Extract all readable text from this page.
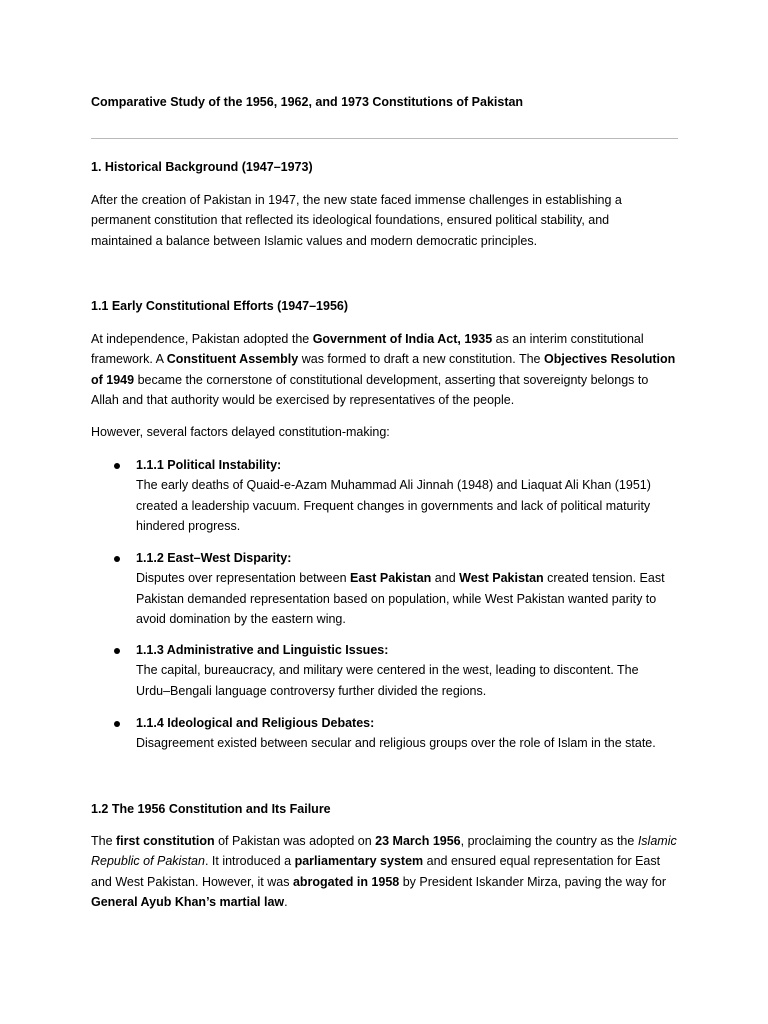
Comparative Study of the 1956, 1962, and 1973 Constitutions of Pakistan
1. Historical Background (1947–1973)
After the creation of Pakistan in 1947, the new state faced immense challenges in establishing a
permanent constitution that reflected its ideological foundations, ensured political stability, and
maintained a balance between Islamic values and modern democratic principles.
1.1 Early Constitutional Efforts (1947–1956)
At independence, Pakistan adopted the Government of India Act, 1935 as an interim constitutional
framework. A Constituent Assembly was formed to draft a new constitution. The Objectives Resolution
of 1949 became the cornerstone of constitutional development, asserting that sovereignty belongs to
Allah and that authority would be exercised by representatives of the people.
However, several factors delayed constitution-making:
1.1.1 Political Instability:
The early deaths of Quaid-e-Azam Muhammad Ali Jinnah (1948) and Liaquat Ali Khan (1951)
created a leadership vacuum. Frequent changes in governments and lack of political maturity
hindered progress.
1.1.2 East–West Disparity:
Disputes over representation between East Pakistan and West Pakistan created tension. East
Pakistan demanded representation based on population, while West Pakistan wanted parity to
avoid domination by the eastern wing.
1.1.3 Administrative and Linguistic Issues:
The capital, bureaucracy, and military were centered in the west, leading to discontent. The
Urdu–Bengali language controversy further divided the regions.
1.1.4 Ideological and Religious Debates:
Disagreement existed between secular and religious groups over the role of Islam in the state.
1.2 The 1956 Constitution and Its Failure
The first constitution of Pakistan was adopted on 23 March 1956, proclaiming the country as the Islamic
Republic of Pakistan. It introduced a parliamentary system and ensured equal representation for East
and West Pakistan. However, it was abrogated in 1958 by President Iskander Mirza, paving the way for
General Ayub Khan’s martial law.
